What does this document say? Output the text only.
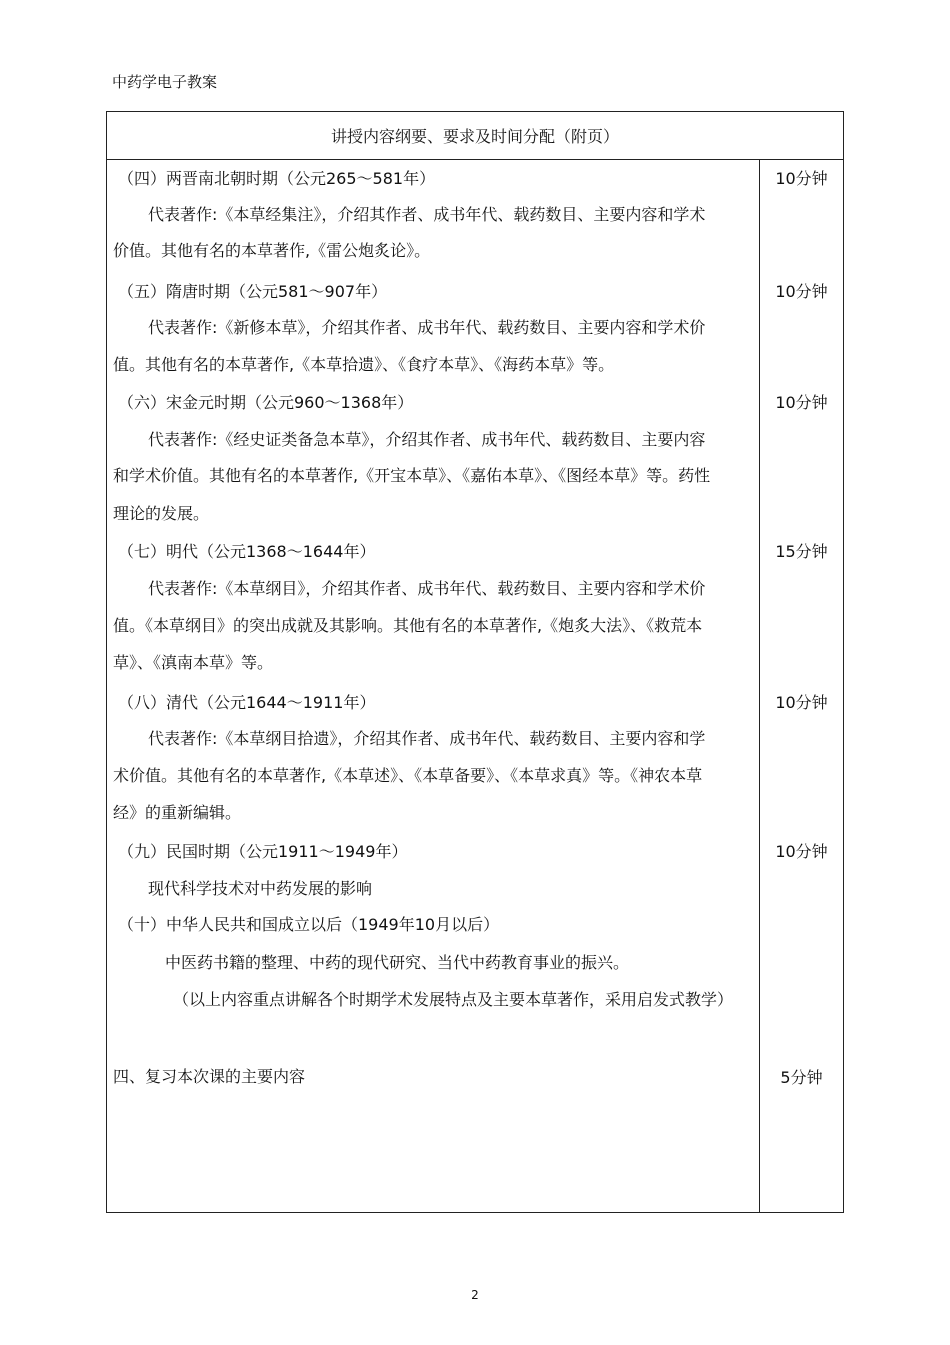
中药学电子教案
讲授内容纲要、要求及时间分配（附页）
（四）两晋南北朝时期（公元265～581年）	10分钟
代表著作:《本草经集注》，介绍其作者、成书年代、载药数目、主要内容和学术
价值。其他有名的本草著作,《雷公炮炙论》。
（五）隋唐时期（公元581～907年）	10分钟
代表著作:《新修本草》，介绍其作者、成书年代、载药数目、主要内容和学术价
值。其他有名的本草著作,《本草拾遗》、《食疗本草》、《海药本草》等。
（六）宋金元时期（公元960～1368年）	10分钟
代表著作:《经史证类备急本草》，介绍其作者、成书年代、载药数目、主要内容
和学术价值。其他有名的本草著作,《开宝本草》、《嘉佑本草》、《图经本草》等。药性
理论的发展。
（七）明代（公元1368～1644年）	15分钟
代表著作:《本草纲目》，介绍其作者、成书年代、载药数目、主要内容和学术价
值。《本草纲目》的突出成就及其影响。其他有名的本草著作,《炮炙大法》、《救荒本
草》、《滇南本草》等。
（八）清代（公元1644～1911年）	10分钟
代表著作:《本草纲目拾遗》，介绍其作者、成书年代、载药数目、主要内容和学
术价值。其他有名的本草著作,《本草述》、《本草备要》、《本草求真》等。《神农本草
经》的重新编辑。
（九）民国时期（公元1911～1949年）	10分钟
现代科学技术对中药发展的影响
（十）中华人民共和国成立以后（1949年10月以后）
中医药书籍的整理、中药的现代研究、当代中药教育事业的振兴。
（以上内容重点讲解各个时期学术发展特点及主要本草著作，采用启发式教学）
四、复习本次课的主要内容	5分钟
2
